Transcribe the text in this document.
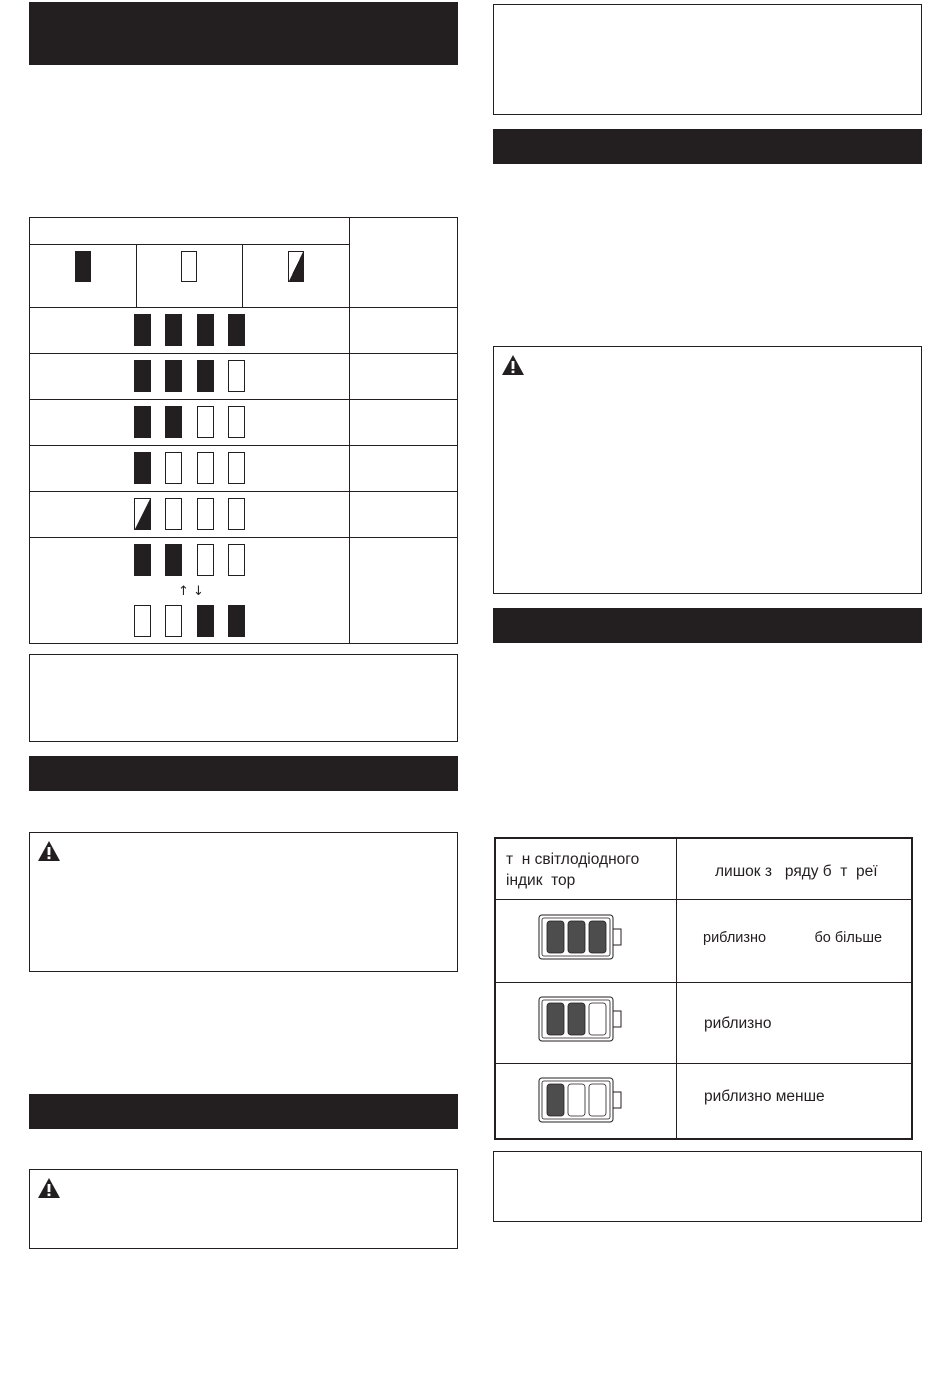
↑ ↓
т  н світлодіодного
індик  тор
лишок з   ряду б  т  реї
риблизно            бо більше
риблизно
риблизно менше
